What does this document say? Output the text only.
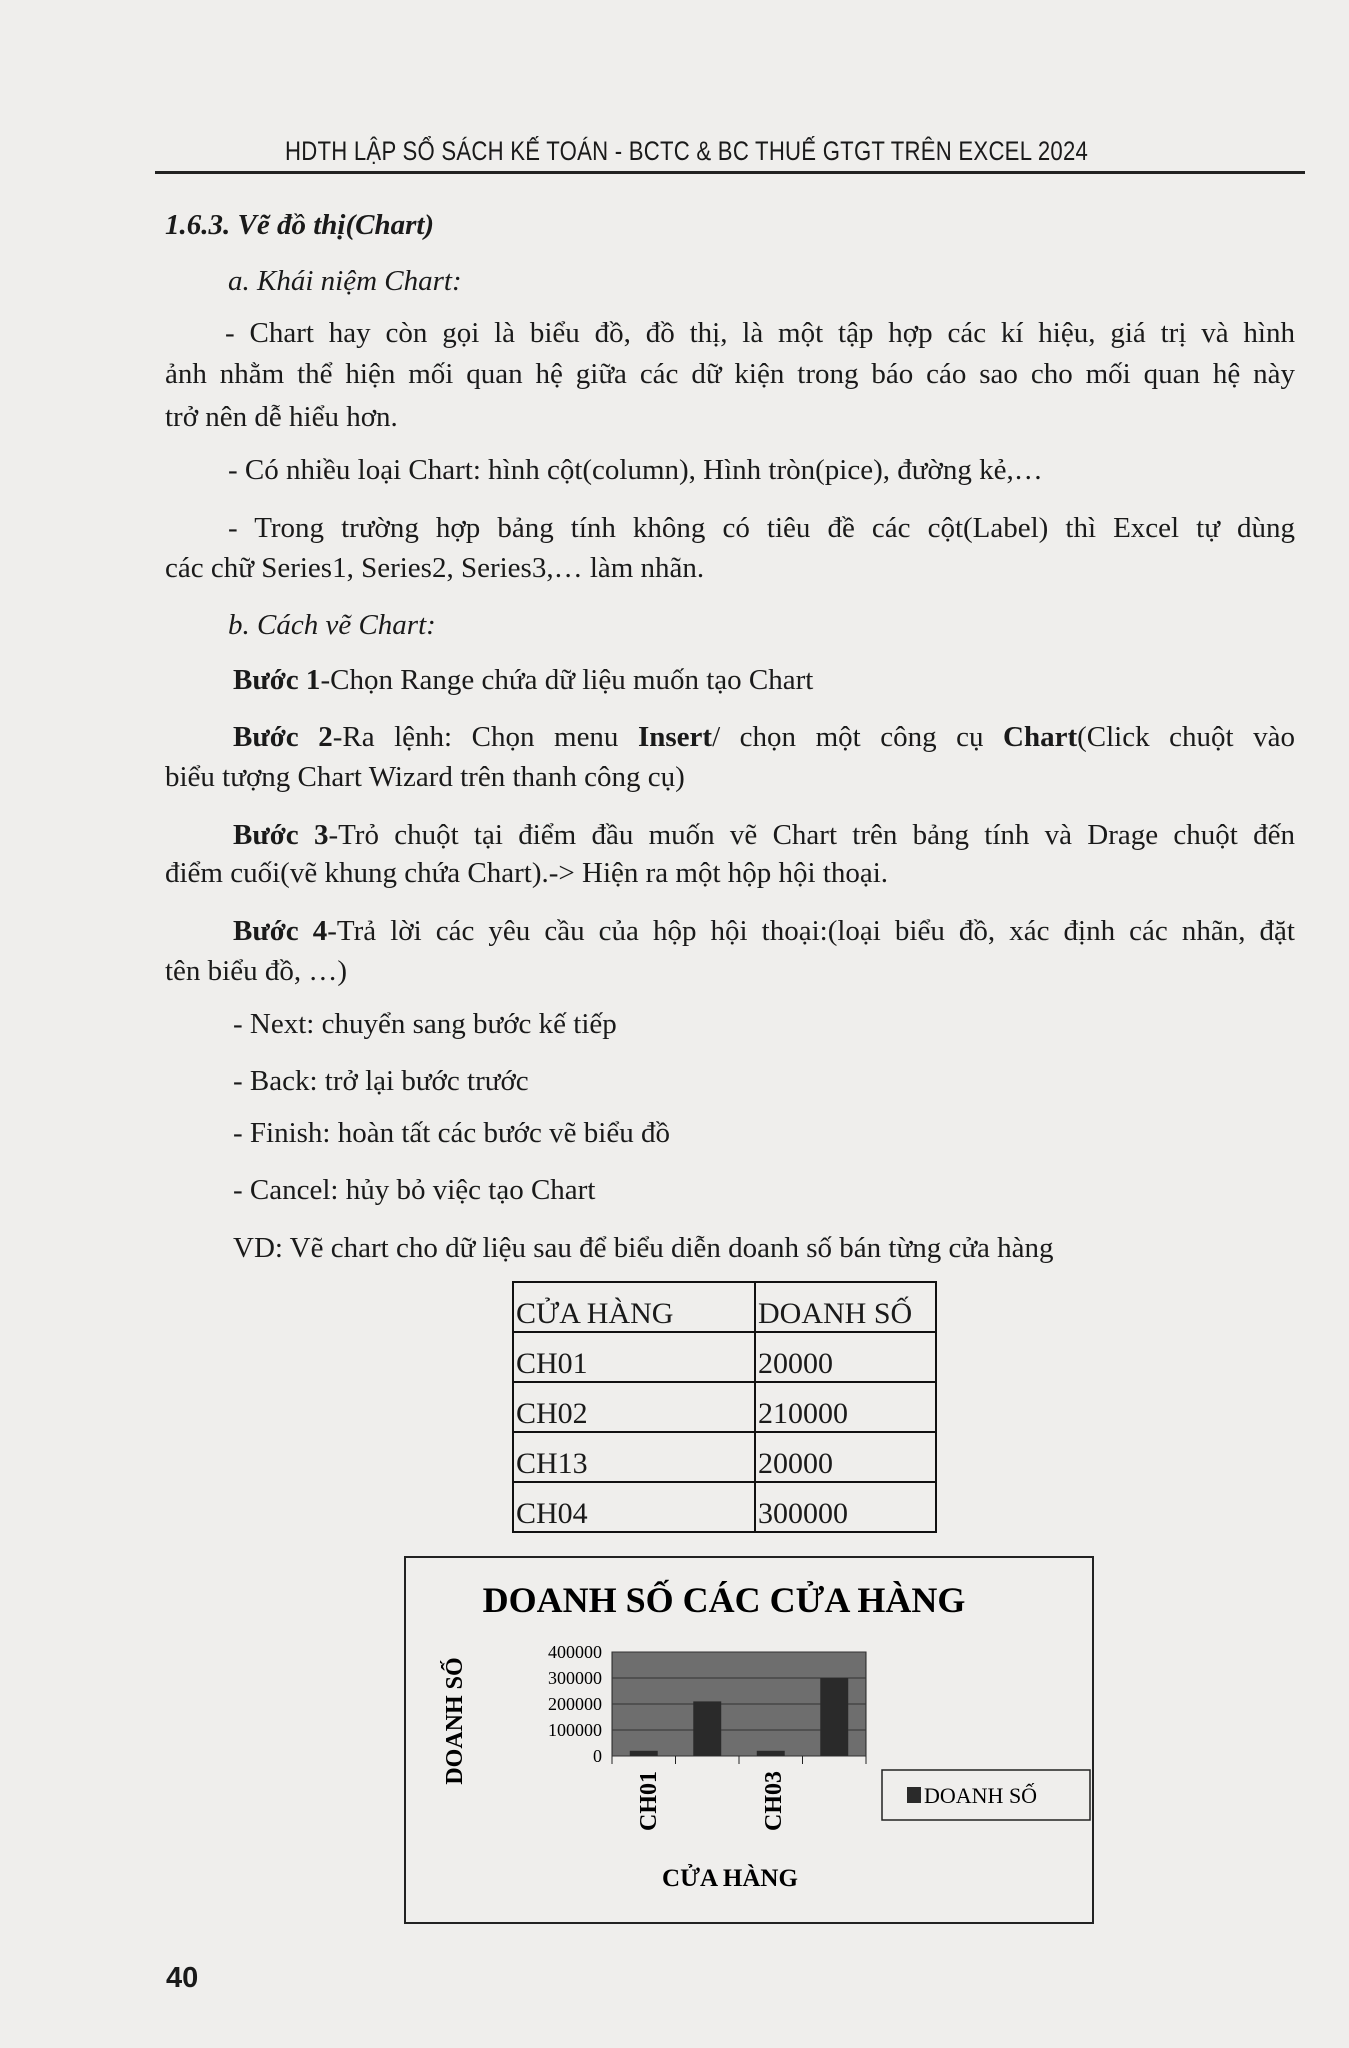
HDTH LẬP SỔ SÁCH KẾ TOÁN - BCTC & BC THUẾ GTGT TRÊN EXCEL 2024
1.6.3. Vẽ đồ thị(Chart)
a. Khái niệm Chart:
- Chart hay còn gọi là biểu đồ, đồ thị, là một tập hợp các kí hiệu, giá trị và hình
ảnh nhằm thể hiện mối quan hệ giữa các dữ kiện trong báo cáo sao cho mối quan hệ này
trở nên dễ hiểu hơn.
- Có nhiều loại Chart: hình cột(column), Hình tròn(pice), đường kẻ,…
- Trong trường hợp bảng tính không có tiêu đề các cột(Label) thì Excel tự dùng
các chữ Series1, Series2, Series3,… làm nhãn.
b. Cách vẽ Chart:
Bước 1-Chọn Range chứa dữ liệu muốn tạo Chart
Bước 2-Ra lệnh: Chọn menu Insert/ chọn một công cụ Chart(Click chuột vào
biểu tượng Chart Wizard trên thanh công cụ)
Bước 3-Trỏ chuột tại điểm đầu muốn vẽ Chart trên bảng tính và Drage chuột đến
điểm cuối(vẽ khung chứa Chart).-> Hiện ra một hộp hội thoại.
Bước 4-Trả lời các yêu cầu của hộp hội thoại:(loại biểu đồ, xác định các nhãn, đặt
tên biểu đồ, …)
- Next: chuyển sang bước kế tiếp
- Back: trở lại bước trước
- Finish: hoàn tất các bước vẽ biểu đồ
- Cancel: hủy bỏ việc tạo Chart
VD: Vẽ chart cho dữ liệu sau để biểu diễn doanh số bán từng cửa hàng
CỬA HÀNG	DOANH SỐ
CH01	20000
CH02	210000
CH13	20000
CH04	300000
DOANH SỐ CÁC CỬA HÀNG
DOANH SỐ
CỬA HÀNG
CH01	CH03	DOANH SỐ
0
100000
200000
300000
400000
40
